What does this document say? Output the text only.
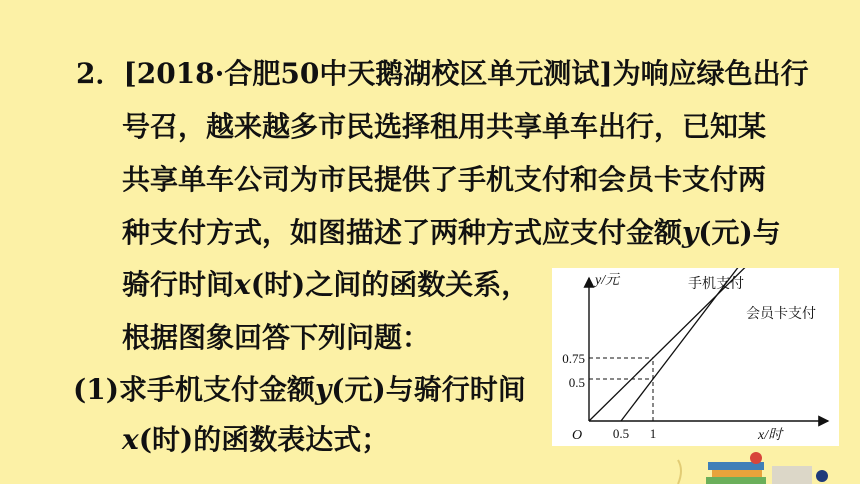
2．[2018·合肥50中天鹅湖校区单元测试]为响应绿色出行
号召，越来越多市民选择租用共享单车出行，已知某
共享单车公司为市民提供了手机支付和会员卡支付两
种支付方式，如图描述了两种方式应支付金额y(元)与
骑行时间x(时)之间的函数关系，
根据图象回答下列问题：
(1)求手机支付金额y(元)与骑行时间
x(时)的函数表达式；
y/元
x/时
O 0.5 1
0.75
0.5
手机支付
会员卡支付
